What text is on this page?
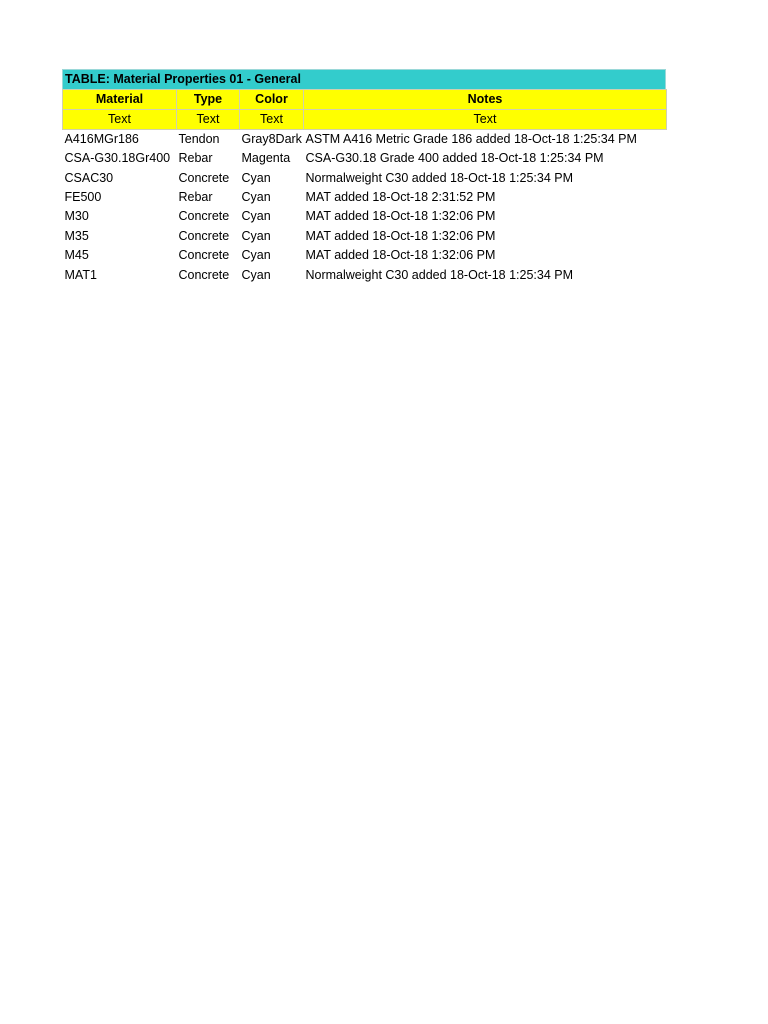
TABLE: Material Properties 01 - General
Material	Type	Color	Notes
Text	Text	Text	Text
A416MGr186	Tendon	Gray8Dark	ASTM A416 Metric Grade 186 added 18-Oct-18 1:25:34 PM
CSA-G30.18Gr400	Rebar	Magenta	CSA-G30.18 Grade 400 added 18-Oct-18 1:25:34 PM
CSAC30	Concrete	Cyan	Normalweight C30 added 18-Oct-18 1:25:34 PM
FE500	Rebar	Cyan	MAT added 18-Oct-18 2:31:52 PM
M30	Concrete	Cyan	MAT added 18-Oct-18 1:32:06 PM
M35	Concrete	Cyan	MAT added 18-Oct-18 1:32:06 PM
M45	Concrete	Cyan	MAT added 18-Oct-18 1:32:06 PM
MAT1	Concrete	Cyan	Normalweight C30 added 18-Oct-18 1:25:34 PM
